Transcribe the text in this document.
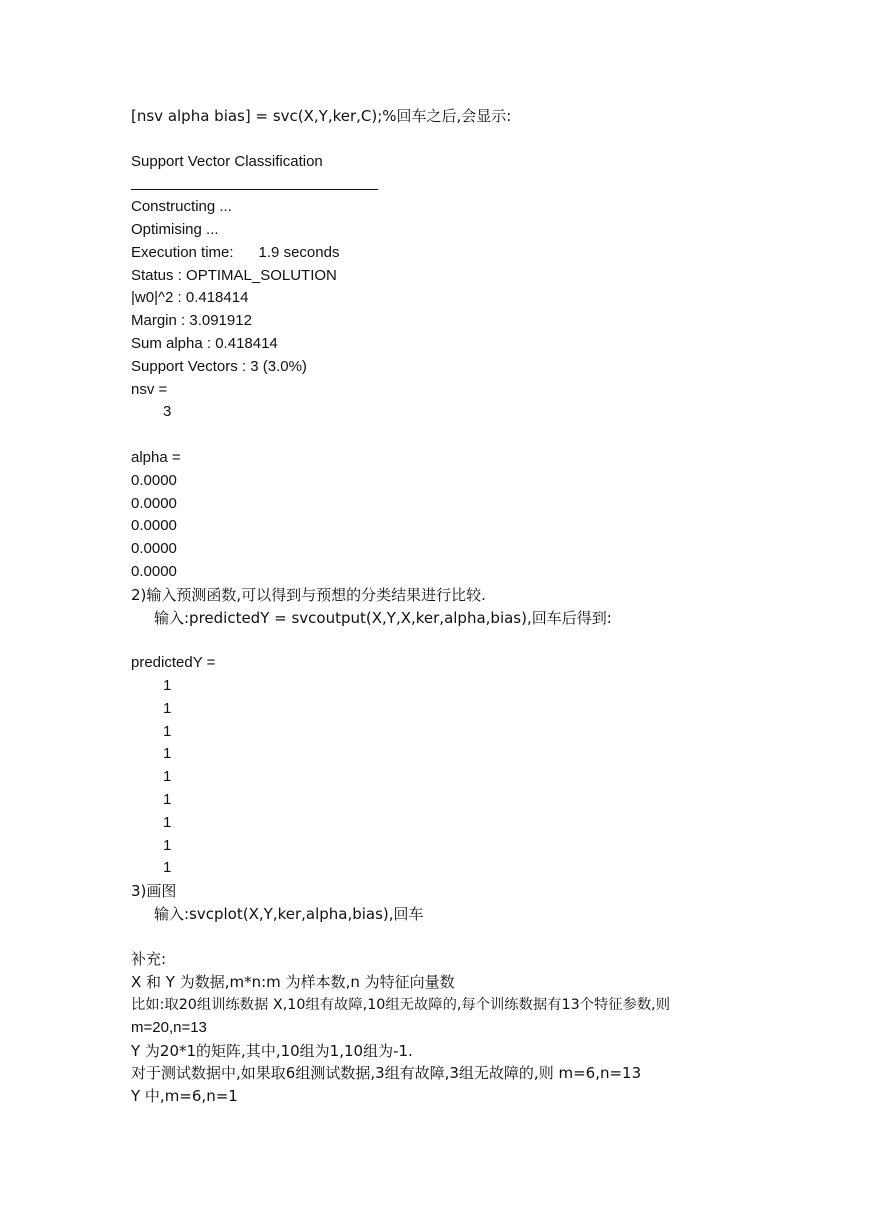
[nsv alpha bias] = svc(X,Y,ker,C);%回车之后,会显示:
Support Vector Classification
Constructing ...
Optimising ...
Execution time:      1.9 seconds
Status : OPTIMAL_SOLUTION
|w0|^2 : 0.418414
Margin : 3.091912
Sum alpha : 0.418414
Support Vectors : 3 (3.0%)
nsv =
3
alpha =
0.0000
0.0000
0.0000
0.0000
0.0000
2)输入预测函数,可以得到与预想的分类结果进行比较.
输入:predictedY = svcoutput(X,Y,X,ker,alpha,bias),回车后得到:
predictedY =
1
1
1
1
1
1
1
1
1
3)画图
输入:svcplot(X,Y,ker,alpha,bias),回车
补充:
X 和 Y 为数据,m*n:m 为样本数,n 为特征向量数
比如:取20组训练数据 X,10组有故障,10组无故障的,每个训练数据有13个特征参数,则
m=20,n=13
Y 为20*1的矩阵,其中,10组为1,10组为-1.
对于测试数据中,如果取6组测试数据,3组有故障,3组无故障的,则 m=6,n=13
Y 中,m=6,n=1
